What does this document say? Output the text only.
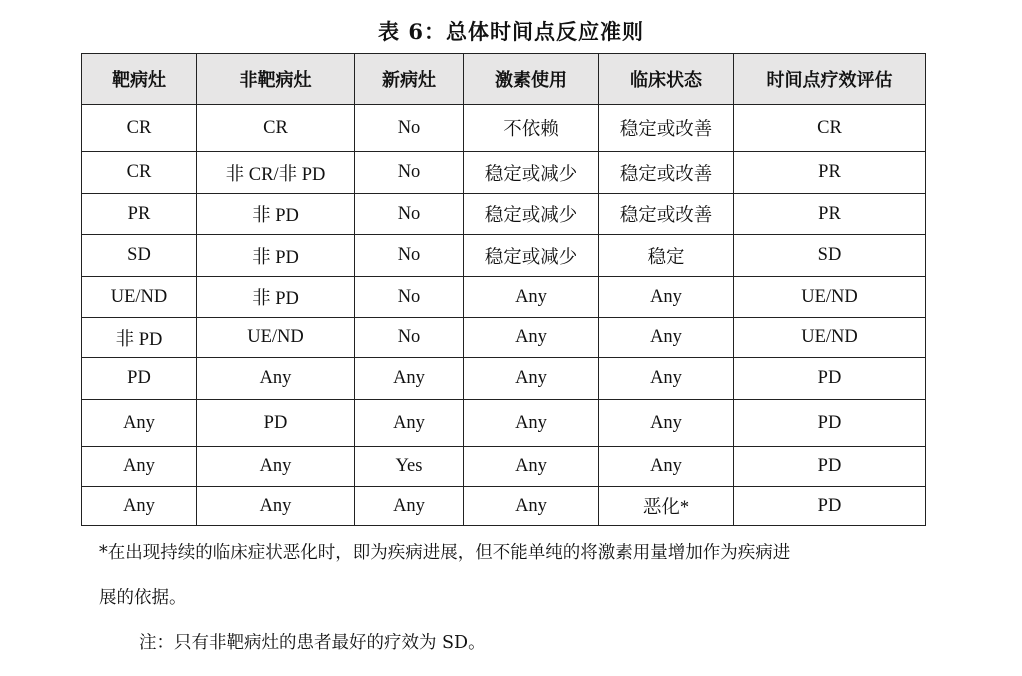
表 6：总体时间点反应准则
靶病灶	非靶病灶	新病灶	激素使用	临床状态	时间点疗效评估
CR	CR	No	不依赖	稳定或改善	CR
CR	非 CR/非 PD	No	稳定或减少	稳定或改善	PR
PR	非 PD	No	稳定或减少	稳定或改善	PR
SD	非 PD	No	稳定或减少	稳定	SD
UE/ND	非 PD	No	Any	Any	UE/ND
非 PD	UE/ND	No	Any	Any	UE/ND
PD	Any	Any	Any	Any	PD
Any	PD	Any	Any	Any	PD
Any	Any	Yes	Any	Any	PD
Any	Any	Any	Any	恶化*	PD
*在出现持续的临床症状恶化时，即为疾病进展，但不能单纯的将激素用量增加作为疾病进
展的依据。
注：只有非靶病灶的患者最好的疗效为 SD。
